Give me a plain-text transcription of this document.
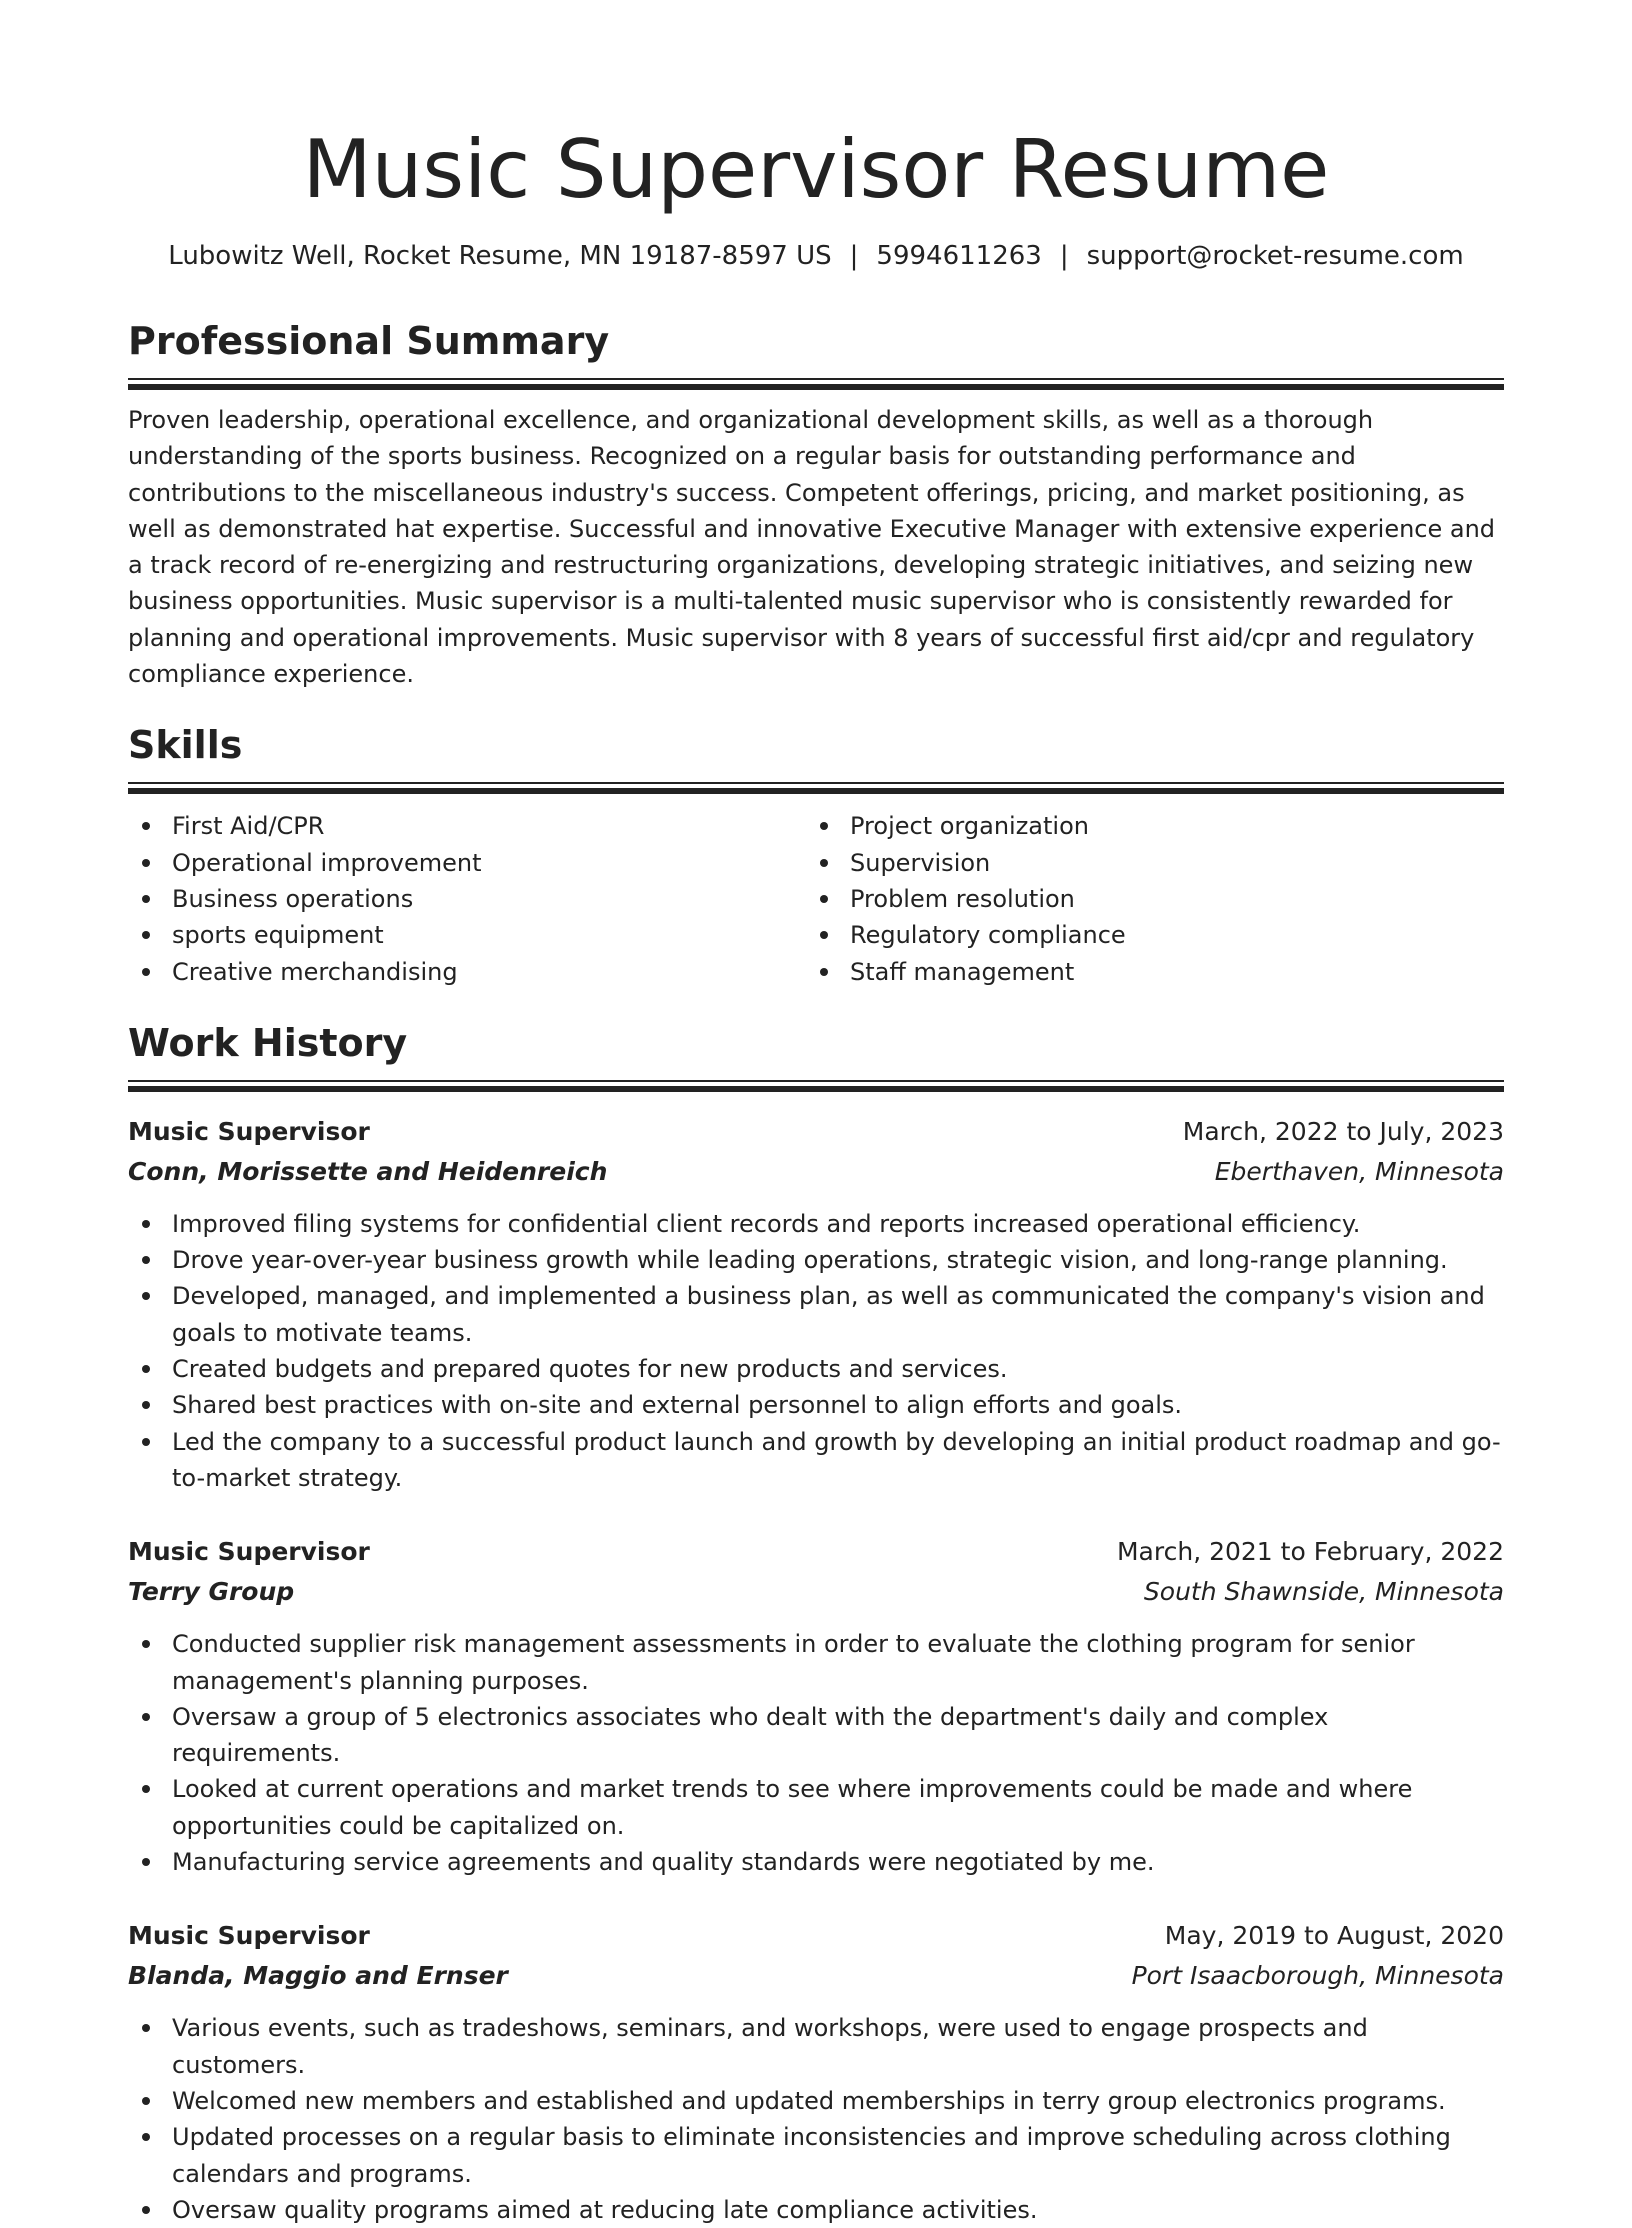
Music Supervisor Resume
Lubowitz Well, Rocket Resume, MN 19187-8597 US | 5994611263 | support@rocket-resume.com
Professional Summary

Proven leadership, operational excellence, and organizational development skills, as well as a thorough understanding of the sports business. Recognized on a regular basis for outstanding performance and contributions to the miscellaneous industry's success. Competent offerings, pricing, and market positioning, as well as demonstrated hat expertise. Successful and innovative Executive Manager with extensive experience and a track record of re-energizing and restructuring organizations, developing strategic initiatives, and seizing new business opportunities. Music supervisor is a multi-talented music supervisor who is consistently rewarded for planning and operational improvements. Music supervisor with 8 years of successful first aid/cpr and regulatory compliance experience.

Skills
First Aid/CPR
Operational improvement
Business operations
sports equipment
Creative merchandising
Project organization
Supervision
Problem resolution
Regulatory compliance
Staff management
Work History
Music Supervisor	March, 2022 to July, 2023
Conn, Morissette and Heidenreich	Eberthaven, Minnesota
Improved filing systems for confidential client records and reports increased operational efficiency.
Drove year-over-year business growth while leading operations, strategic vision, and long-range planning.
Developed, managed, and implemented a business plan, as well as communicated the company's vision and goals to motivate teams.
Created budgets and prepared quotes for new products and services.
Shared best practices with on-site and external personnel to align efforts and goals.
Led the company to a successful product launch and growth by developing an initial product roadmap and go-to-market strategy.
Music Supervisor	March, 2021 to February, 2022
Terry Group	South Shawnside, Minnesota
Conducted supplier risk management assessments in order to evaluate the clothing program for senior management's planning purposes.
Oversaw a group of 5 electronics associates who dealt with the department's daily and complex requirements.
Looked at current operations and market trends to see where improvements could be made and where opportunities could be capitalized on.
Manufacturing service agreements and quality standards were negotiated by me.
Music Supervisor	May, 2019 to August, 2020
Blanda, Maggio and Ernser	Port Isaacborough, Minnesota
Various events, such as tradeshows, seminars, and workshops, were used to engage prospects and customers.
Welcomed new members and established and updated memberships in terry group electronics programs.
Updated processes on a regular basis to eliminate inconsistencies and improve scheduling across clothing calendars and programs.
Oversaw quality programs aimed at reducing late compliance activities.
